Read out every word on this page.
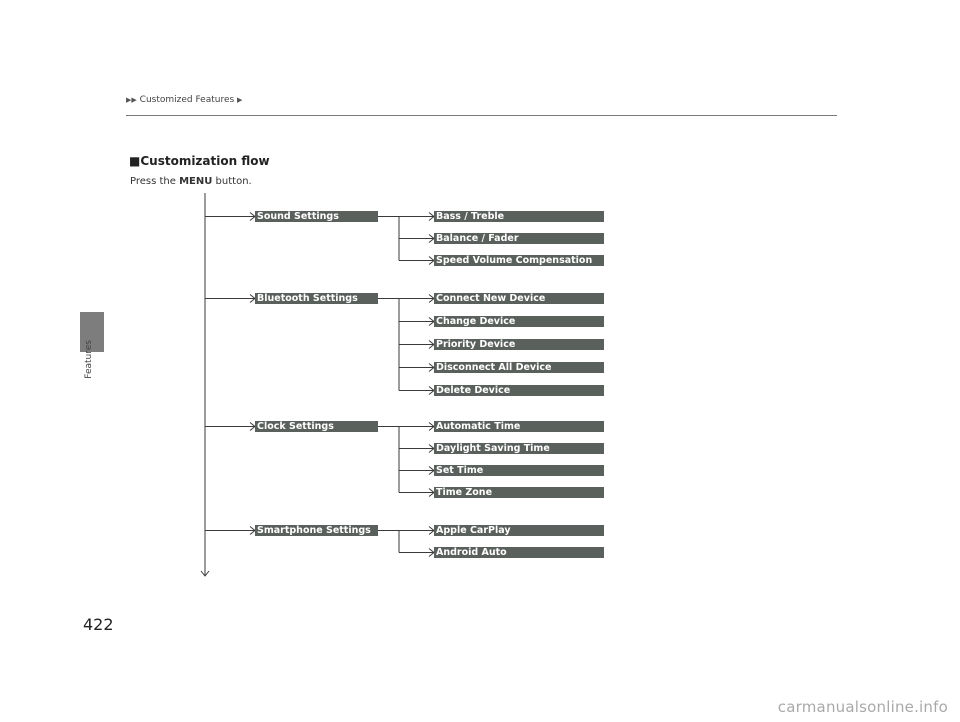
▶▶ Customized Features ▶
Features
422
■Customization flow
Press the MENU button.
Sound Settings	Bass / Treble
Balance / Fader
Speed Volume Compensation
Bluetooth Settings	Connect New Device
Change Device
Priority Device
Disconnect All Device
Delete Device
Clock Settings	Automatic Time
Daylight Saving Time
Set Time
Time Zone
Smartphone Settings	Apple CarPlay
Android Auto
carmanualsonline.info
